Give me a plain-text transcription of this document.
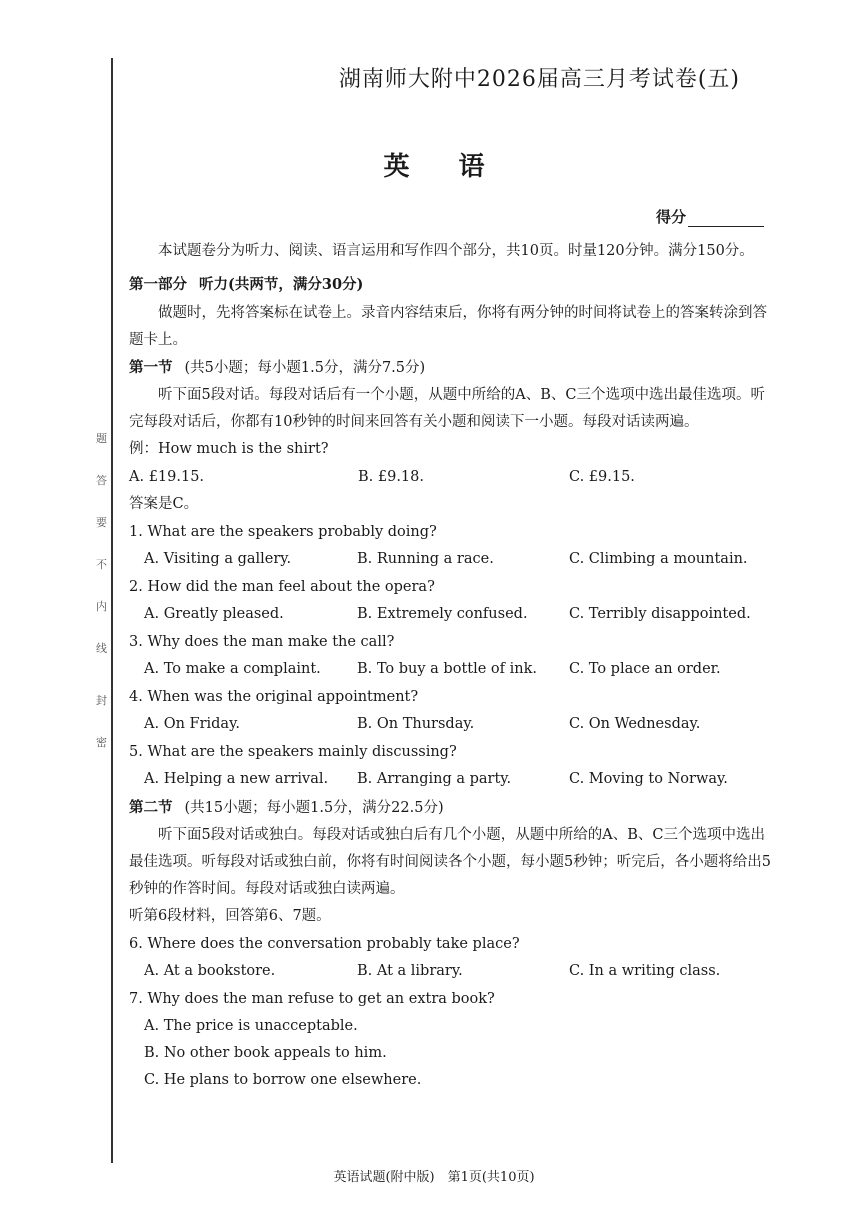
题
答
要
不
内
线
封
密
湖南师大附中2026届高三月考试卷(五)
英 语
得分

本试题卷分为听力、阅读、语言运用和写作四个部分，共10页。时量120分钟。满分150分。

第一部分 听力(共两节，满分30分)

做题时，先将答案标在试卷上。录音内容结束后，你将有两分钟的时间将试卷上的答案转涂到答题卡上。

第一节 (共5小题；每小题1.5分，满分7.5分)

听下面5段对话。每段对话后有一个小题，从题中所给的A、B、C三个选项中选出最佳选项。听完每段对话后，你都有10秒钟的时间来回答有关小题和阅读下一小题。每段对话读两遍。

例：How much is the shirt?
A. £19.15.	B. £9.18.	C. £9.15.
答案是C。
1. What are the speakers probably doing?
A. Visiting a gallery.	B. Running a race.	C. Climbing a mountain.
2. How did the man feel about the opera?
A. Greatly pleased.	B. Extremely confused.	C. Terribly disappointed.
3. Why does the man make the call?
A. To make a complaint.	B. To buy a bottle of ink.	C. To place an order.
4. When was the original appointment?
A. On Friday.	B. On Thursday.	C. On Wednesday.
5. What are the speakers mainly discussing?
A. Helping a new arrival.	B. Arranging a party.	C. Moving to Norway.
第二节 (共15小题；每小题1.5分，满分22.5分)

听下面5段对话或独白。每段对话或独白后有几个小题，从题中所给的A、B、C三个选项中选出最佳选项。听每段对话或独白前，你将有时间阅读各个小题，每小题5秒钟；听完后，各小题将给出5秒钟的作答时间。每段对话或独白读两遍。

听第6段材料，回答第6、7题。
6. Where does the conversation probably take place?
A. At a bookstore.	B. At a library.	C. In a writing class.
7. Why does the man refuse to get an extra book?
A. The price is unacceptable.
B. No other book appeals to him.
C. He plans to borrow one elsewhere.
英语试题(附中版)　第1页(共10页)
